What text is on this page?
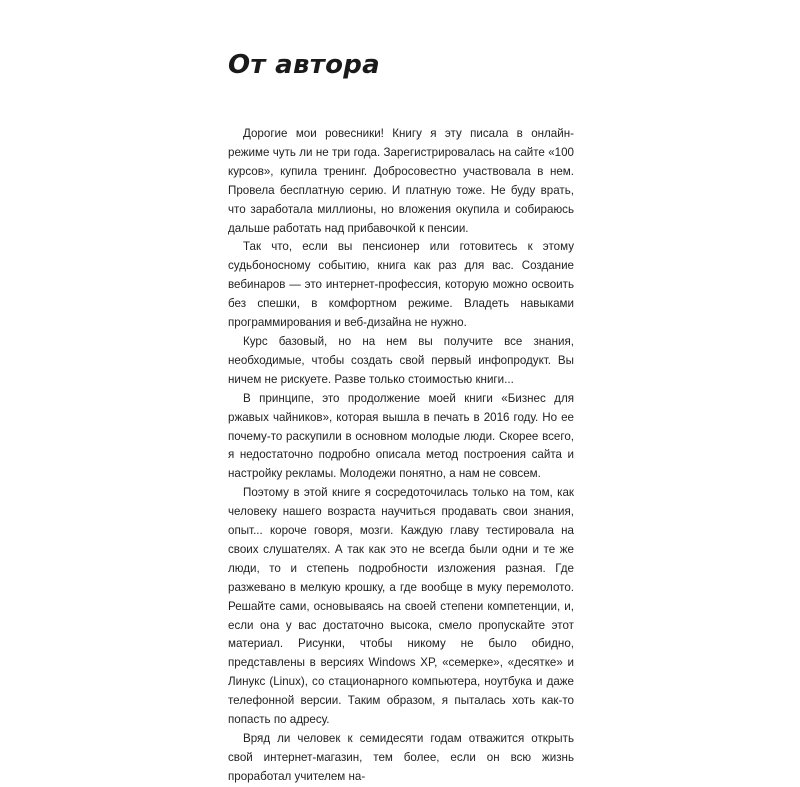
От автора

Дорогие мои ровесники! Книгу я эту писала в онлайн-режиме чуть ли не три года. Зарегистрировалась на сайте «100 курсов», купила тренинг. Добросовестно участвовала в нем. Провела бесплатную серию. И платную тоже. Не буду врать, что заработала миллионы, но вложения окупила и собираюсь дальше работать над прибавочкой к пенсии.

Так что, если вы пенсионер или готовитесь к этому судьбоносному событию, книга как раз для вас. Создание вебинаров — это интернет-профессия, которую можно освоить без спешки, в комфортном режиме. Владеть навыками программирования и веб-дизайна не нужно.

Курс базовый, но на нем вы получите все знания, необходимые, чтобы создать свой первый инфопродукт. Вы ничем не рискуете. Разве только стоимостью книги...

В принципе, это продолжение моей книги «Бизнес для ржавых чайников», которая вышла в печать в 2016 году. Но ее почему-то раскупили в основном молодые люди. Скорее всего, я недостаточно подробно описала метод построения сайта и настройку рекламы. Молодежи понятно, а нам не совсем.

Поэтому в этой книге я сосредоточилась только на том, как человеку нашего возраста научиться продавать свои знания, опыт... короче говоря, мозги. Каждую главу тестировала на своих слушателях. А так как это не всегда были одни и те же люди, то и степень подробности изложения разная. Где разжевано в мелкую крошку, а где вообще в муку перемолото. Решайте сами, основываясь на своей степени компетенции, и, если она у вас достаточно высока, смело пропускайте этот материал. Рисунки, чтобы никому не было обидно, представлены в версиях Windows XP, «семерке», «десятке» и Линукс (Linux), со стационарного компьютера, ноутбука и даже телефонной версии. Таким образом, я пыталась хоть как-то попасть по адресу.

Вряд ли человек к семидесяти годам отважится открыть свой интернет-магазин, тем более, если он всю жизнь проработал учителем на-
